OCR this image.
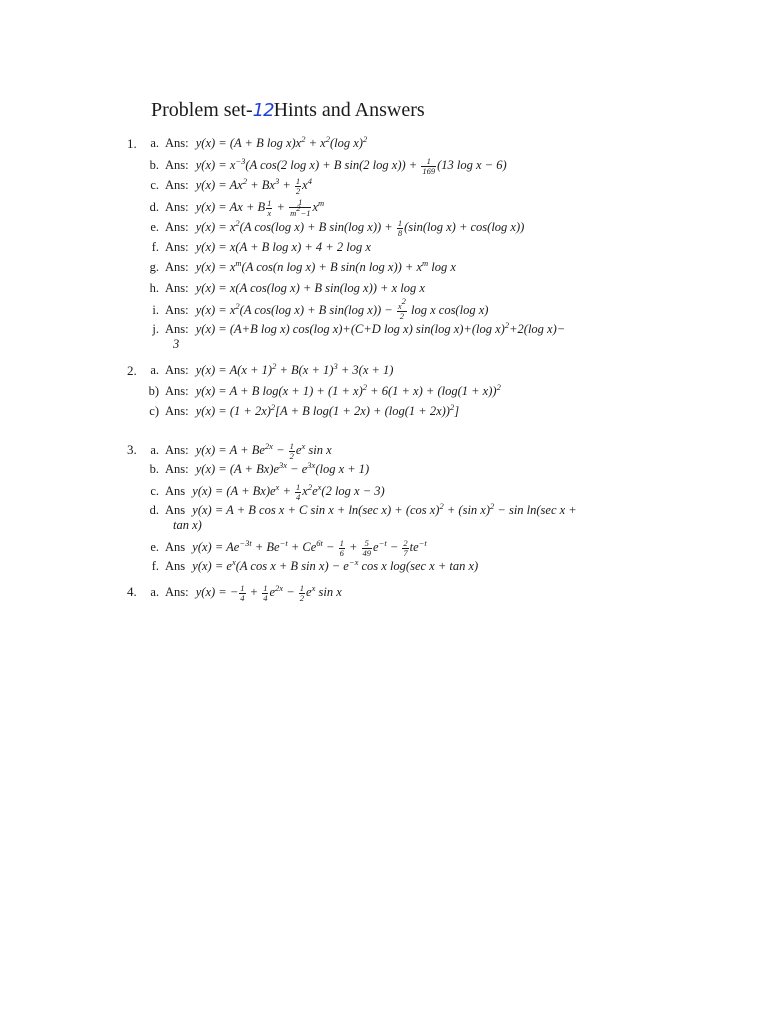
Problem set-12Hints and Answers
1.	a. Ans: y(x) = (A + B $\log x)x^2 + x^2(\log$ x)$^2$
b. Ans: $y(x) = x^{-3}(A$ cos(2 log x) + B sin(2 $\log x)) + \frac{1}{169} (13$ log x − 6)
c. Ans: $y(x) = Ax^2 + Bx^3 + \frac{1}{2} x^4$
d. Ans: y(x) = Ax + B $\frac{1}{x} + \frac{1}{m^2-1} x^m$
e. Ans: $y(x) = x^2(A$ cos(log x) + B sin(log $x)) + \frac{1}{8} (\sin(\log$ x) + cos(log x))
f. Ans: y(x) = x(A + B log x) + 4 + 2 log x
g. Ans: $y(x) = x^m(A$ cos(n log x) + B sin(n $\log x)) + x^m$ log x
h. Ans: y(x) = x(A cos(log x) + B sin(log x)) + x log x
i. Ans: $y(x) = x^2(A$ cos(log x) + B sin(log $x)) - \frac{x^2}{2}$ log x cos(log x)
j. Ans: y(x) = (A+B log x) cos(log x)+(C+D log x) sin(log x)+(log x)$^2$+2(log x)−
3
2.	a. Ans: $y(x) = A(x + 1)^2 + B(x + 1)^3 + 3(x + 1)$
b) Ans: y(x) = A + B $\log(x + 1) + (1 + x)^2 + 6(1 + x) + (\log(1 + x))^2$
c) Ans: $y(x) = (1 + 2x)^2[A + B$ $\log(1 + 2x) + (\log(1 + 2x))^2$]
3.	a. Ans: $y(x) = A + Be^{2x} - \frac{1}{2} e^x$ sin x
b. Ans: $y(x) = (A + Bx)e^{3x} - e^{3x}(\log$ x + 1)
c. Ans $y(x) = (A + Bx)e^x + \frac{1}{4} x^2e^x(2$ log x − 3)
d. Ans y(x) = A + B cos x + C sin x + ln(sec x) + (cos x)$^2$ + (sin x)$^2$ − sin ln(sec x +
tan x)
e. Ans $y(x) = Ae^{-3t} + Be^{-t} + Ce^{6t} - \frac{1}{6} + \frac{5}{49} e^{-t} - \frac{2}{7} te^{-t}$
f. Ans $y(x) = e^x(A$ cos x + B $\sin x) - e^{-x}$ cos x log(sec x + tan x)
4.	a. Ans: y(x) = − $\frac{1}{4} + \frac{1}{4} e^{2x} - \frac{1}{2} e^x$ sin x
